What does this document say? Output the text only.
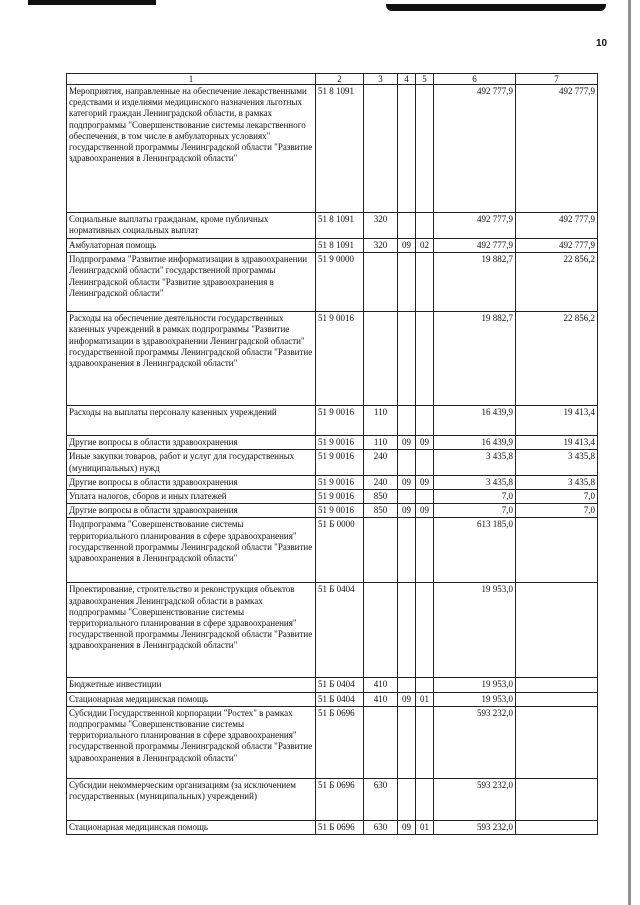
10
1	2	3	4	5	6	7
Мероприятия, направленные на обеспечение лекарственными средствами и изделиями медицинского назначения льготных категорий граждан Ленинградской области, в рамках подпрограммы "Совершенствование системы лекарственного обеспечения, в том числе в амбулаторных условиях" государственной программы Ленинградской области "Развитие здравоохранения в Ленинградской области"	51 8 1091				492 777,9	492 777,9
Социальные выплаты гражданам, кроме публичных нормативных социальных выплат	51 8 1091	320			492 777,9	492 777,9
Амбулаторная помощь	51 8 1091	320	09	02	492 777,9	492 777,9
Подпрограмма "Развитие информатизации в здравоохранении Ленинградской области" государственной программы Ленинградской области "Развитие здравоохранения в Ленинградской области"	51 9 0000				19 882,7	22 856,2
Расходы на обеспечение деятельности государственных казенных учреждений в рамках подпрограммы "Развитие информатизации в здравоохранении Ленинградской области" государственной программы Ленинградской области "Развитие здравоохранения в Ленинградской области"	51 9 0016				19 882,7	22 856,2
Расходы на выплаты персоналу казенных учреждений	51 9 0016	110			16 439,9	19 413,4
Другие вопросы в области здравоохранения	51 9 0016	110	09	09	16 439,9	19 413,4
Иные закупки товаров, работ и услуг для государственных (муниципальных) нужд	51 9 0016	240			3 435,8	3 435,8
Другие вопросы в области здравоохранения	51 9 0016	240	09	09	3 435,8	3 435,8
Уплата налогов, сборов и иных платежей	51 9 0016	850			7,0	7,0
Другие вопросы в области здравоохранения	51 9 0016	850	09	09	7,0	7,0
Подпрограмма "Совершенствование системы территориального планирования в сфере здравоохранения" государственной программы Ленинградской области "Развитие здравоохранения в Ленинградской области"	51 Б 0000				613 185,0	
Проектирование, строительство и реконструкция объектов здравоохранения Ленинградской области в рамках подпрограммы "Совершенствование системы территориального планирования в сфере здравоохранения" государственной программы Ленинградской области "Развитие здравоохранения в Ленинградской области"	51 Б 0404				19 953,0	
Бюджетные инвестиции	51 Б 0404	410			19 953,0	
Стационарная медицинская помощь	51 Б 0404	410	09	01	19 953,0	
Субсидии Государственной корпорации "Ростех" в рамках подпрограммы "Совершенствование системы территориального планирования в сфере здравоохранения" государственной программы Ленинградской области "Развитие здравоохранения в Ленинградской области"	51 Б 0696				593 232,0	
Субсидии некоммерческим организациям (за исключением государственных (муниципальных) учреждений)	51 Б 0696	630			593 232,0	
Стационарная медицинская помощь	51 Б 0696	630	09	01	593 232,0	
